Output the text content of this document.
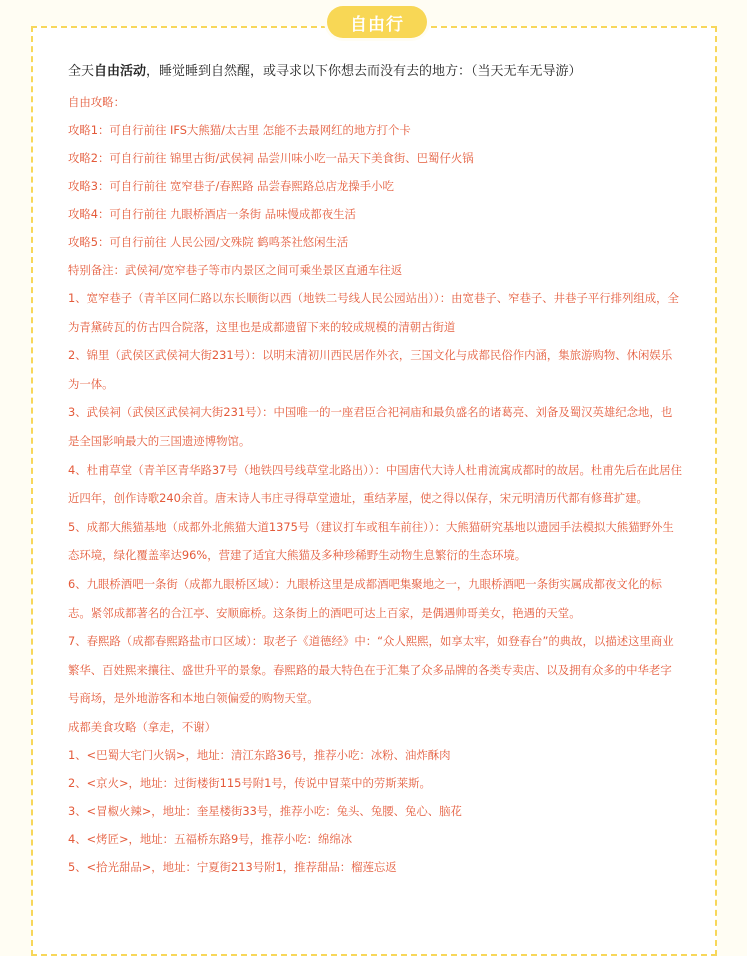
自由行

全天自由活动，睡觉睡到自然醒，或寻求以下你想去而没有去的地方：（当天无车无导游）

自由攻略：

攻略1：可自行前往 IFS大熊猫/太古里 怎能不去最网红的地方打个卡

攻略2：可自行前往 锦里古街/武侯祠 品尝川味小吃一品天下美食街、巴蜀仔火锅

攻略3：可自行前往 宽窄巷子/春熙路 品尝春熙路总店龙操手小吃

攻略4：可自行前往 九眼桥酒店一条街 品味慢成都夜生活

攻略5：可自行前往 人民公园/文殊院 鹤鸣茶社悠闲生活

特别备注：武侯祠/宽窄巷子等市内景区之间可乘坐景区直通车往返

1、宽窄巷子（青羊区同仁路以东长顺街以西（地铁二号线人民公园站出））：由宽巷子、窄巷子、井巷子平行排列组成，全为青黛砖瓦的仿古四合院落，这里也是成都遗留下来的较成规模的清朝古街道

2、锦里（武侯区武侯祠大街231号）：以明末清初川西民居作外衣，三国文化与成都民俗作内涵，集旅游购物、休闲娱乐为一体。

3、武侯祠（武侯区武侯祠大街231号）：中国唯一的一座君臣合祀祠庙和最负盛名的诸葛亮、刘备及蜀汉英雄纪念地，也是全国影响最大的三国遗迹博物馆。

4、杜甫草堂（青羊区青华路37号（地铁四号线草堂北路出））：中国唐代大诗人杜甫流寓成都时的故居。杜甫先后在此居住近四年，创作诗歌240余首。唐末诗人韦庄寻得草堂遗址，重结茅屋，使之得以保存，宋元明清历代都有修葺扩建。

5、成都大熊猫基地（成都外北熊猫大道1375号（建议打车或租车前往））：大熊猫研究基地以遗园手法模拟大熊猫野外生态环境，绿化覆盖率达96%，营建了适宜大熊猫及多种珍稀野生动物生息繁衍的生态环境。

6、九眼桥酒吧一条街（成都九眼桥区域）：九眼桥这里是成都酒吧集聚地之一，九眼桥酒吧一条街实属成都夜文化的标志。紧邻成都著名的合江亭、安顺廊桥。这条街上的酒吧可达上百家，是偶遇帅哥美女，艳遇的天堂。

7、春熙路（成都春熙路盐市口区域）：取老子《道德经》中：“众人熙熙，如享太牢，如登春台”的典故，以描述这里商业繁华、百姓熙来攘往、盛世升平的景象。春熙路的最大特色在于汇集了众多品牌的各类专卖店、以及拥有众多的中华老字号商场，是外地游客和本地白领偏爱的购物天堂。

成都美食攻略（拿走，不谢）

1、<巴蜀大宅门火锅>，地址：清江东路36号，推荐小吃：冰粉、油炸酥肉

2、<京火>，地址：过街楼街115号附1号，传说中冒菜中的劳斯莱斯。

3、<冒椒火辣>，地址：奎星楼街33号，推荐小吃：兔头、兔腰、兔心、脑花

4、<烤匠>，地址：五福桥东路9号，推荐小吃：绵绵冰

5、<拾光甜品>，地址：宁夏街213号附1，推荐甜品：榴莲忘返
